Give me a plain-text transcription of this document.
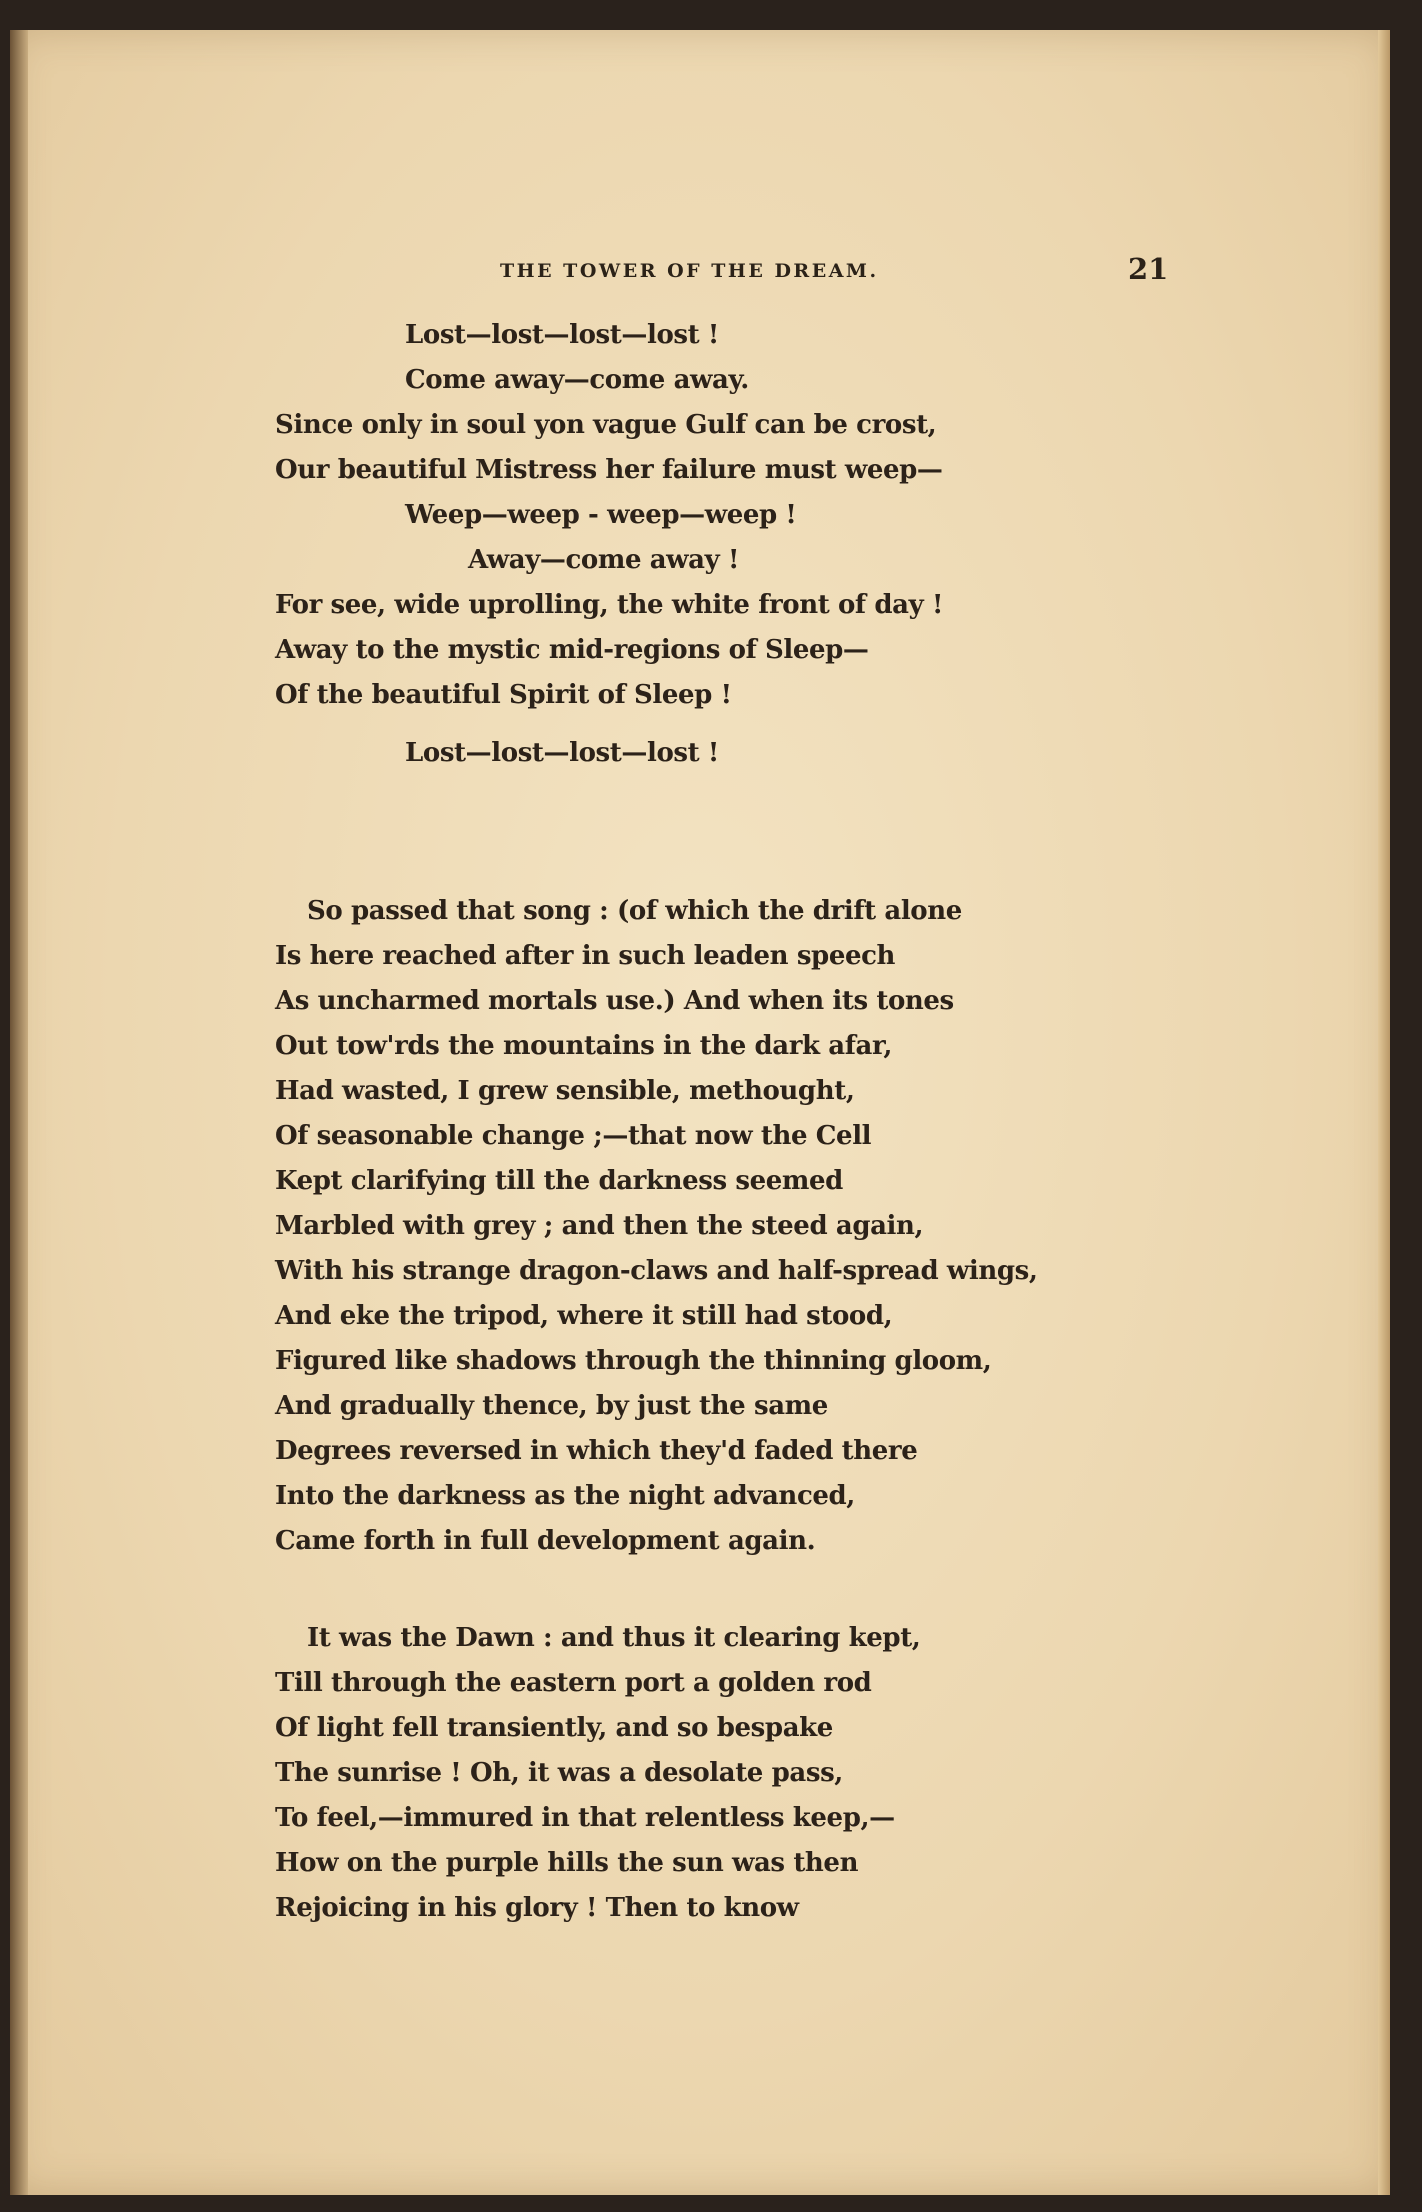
THE TOWER OF THE DREAM.	21
Lost—lost—lost—lost !
Come away—come away.
Since only in soul yon vague Gulf can be crost,
Our beautiful Mistress her failure must weep—
Weep—weep - weep—weep !
Away—come away !
For see, wide uprolling, the white front of day !
Away to the mystic mid-regions of Sleep—
Of the beautiful Spirit of Sleep !
Lost—lost—lost—lost !
So passed that song : (of which the drift alone
Is here reached after in such leaden speech
As uncharmed mortals use.) And when its tones
Out tow'rds the mountains in the dark afar,
Had wasted, I grew sensible, methought,
Of seasonable change ;—that now the Cell
Kept clarifying till the darkness seemed
Marbled with grey ; and then the steed again,
With his strange dragon-claws and half-spread wings,
And eke the tripod, where it still had stood,
Figured like shadows through the thinning gloom,
And gradually thence, by just the same
Degrees reversed in which they'd faded there
Into the darkness as the night advanced,
Came forth in full development again.
It was the Dawn : and thus it clearing kept,
Till through the eastern port a golden rod
Of light fell transiently, and so bespake
The sunrise ! Oh, it was a desolate pass,
To feel,—immured in that relentless keep,—
How on the purple hills the sun was then
Rejoicing in his glory ! Then to know
